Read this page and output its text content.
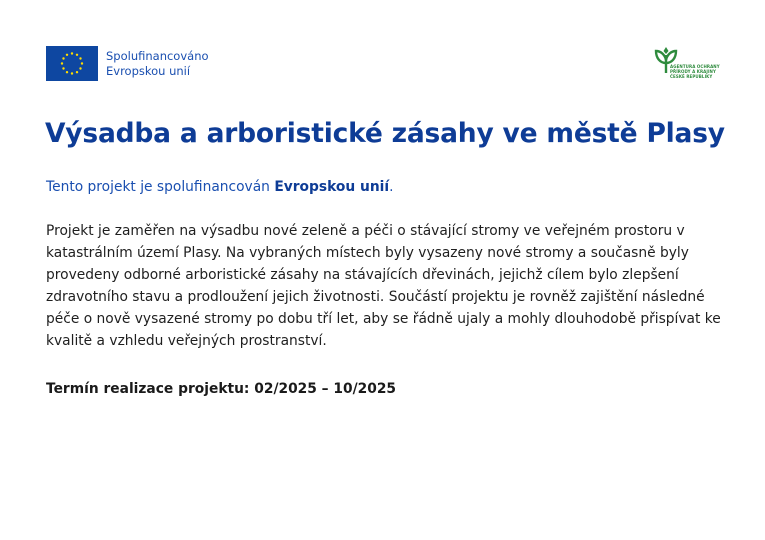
Spolufinancováno
Evropskou unií	AGENTURA OCHRANY
PŘÍRODY A KRAJINY
ČESKÉ REPUBLIKY
Výsadba a arboristické zásahy ve městě Plasy
Tento projekt je spolufinancován Evropskou unií.

Projekt je zaměřen na výsadbu nové zeleně a péči o stávající stromy ve veřejném prostoru v
katastrálním území Plasy. Na vybraných místech byly vysazeny nové stromy a současně byly
provedeny odborné arboristické zásahy na stávajících dřevinách, jejichž cílem bylo zlepšení
zdravotního stavu a prodloužení jejich životnosti. Součástí projektu je rovněž zajištění následné
péče o nově vysazené stromy po dobu tří let, aby se řádně ujaly a mohly dlouhodobě přispívat ke
kvalitě a vzhledu veřejných prostranství.

Termín realizace projektu: 02/2025 – 10/2025
